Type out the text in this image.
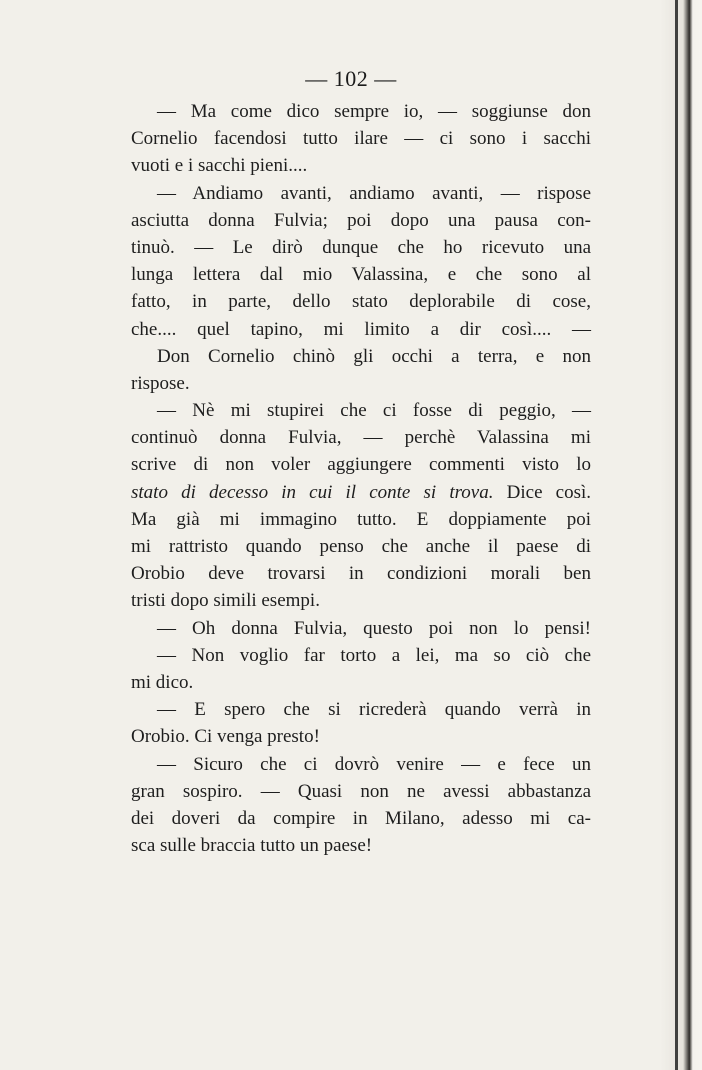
— 102 —
— Ma come dico sempre io, — soggiunse don
Cornelio facendosi tutto ilare — ci sono i sacchi
vuoti e i sacchi pieni....
— Andiamo avanti, andiamo avanti, — rispose
asciutta donna Fulvia; poi dopo una pausa con-
tinuò. — Le dirò dunque che ho ricevuto una
lunga lettera dal mio Valassina, e che sono al
fatto, in parte, dello stato deplorabile di cose,
che.... quel tapino, mi limito a dir così.... —
Don Cornelio chinò gli occhi a terra, e non
rispose.
— Nè mi stupirei che ci fosse di peggio, —
continuò donna Fulvia, — perchè Valassina mi
scrive di non voler aggiungere commenti visto lo
stato di decesso in cui il conte si trova. Dice così.
Ma già mi immagino tutto. E doppiamente poi
mi rattristo quando penso che anche il paese di
Orobio deve trovarsi in condizioni morali ben
tristi dopo simili esempi.
— Oh donna Fulvia, questo poi non lo pensi!
— Non voglio far torto a lei, ma so ciò che
mi dico.
— E spero che si ricrederà quando verrà in
Orobio. Ci venga presto!
— Sicuro che ci dovrò venire — e fece un
gran sospiro. — Quasi non ne avessi abbastanza
dei doveri da compire in Milano, adesso mi ca-
sca sulle braccia tutto un paese!
